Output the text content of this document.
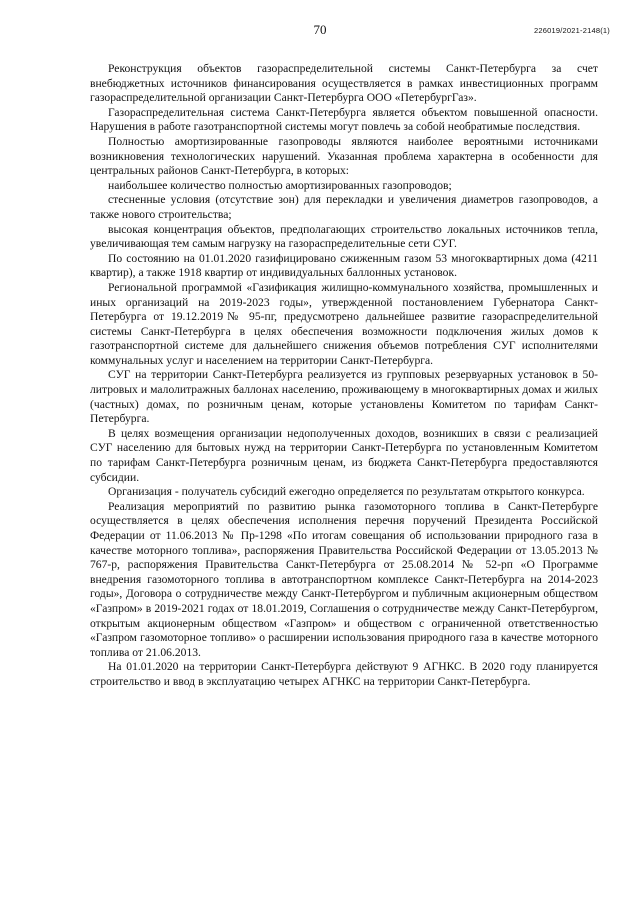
70	226019/2021-2148(1)

Реконструкция объектов газораспределительной системы Санкт-Петербурга за счет внебюджетных источников финансирования осуществляется в рамках инвестиционных программ газораспределительной организации Санкт-Петербурга ООО «ПетербургГаз».

Газораспределительная система Санкт-Петербурга является объектом повышенной опасности. Нарушения в работе газотранспортной системы могут повлечь за собой необратимые последствия.

Полностью амортизированные газопроводы являются наиболее вероятными источниками возникновения технологических нарушений. Указанная проблема характерна в особенности для центральных районов Санкт-Петербурга, в которых:

наибольшее количество полностью амортизированных газопроводов;

стесненные условия (отсутствие зон) для перекладки и увеличения диаметров газопроводов, а также нового строительства;

высокая концентрация объектов, предполагающих строительство локальных источников тепла, увеличивающая тем самым нагрузку на газораспределительные сети СУГ.

По состоянию на 01.01.2020 газифицировано сжиженным газом 53 многоквартирных дома (4211 квартир), а также 1918 квартир от индивидуальных баллонных установок.

Региональной программой «Газификация жилищно-коммунального хозяйства, промышленных и иных организаций на 2019-2023 годы», утвержденной постановлением Губернатора Санкт-Петербурга от 19.12.2019№ 95-пг, предусмотрено дальнейшее развитие газораспределительной системы Санкт-Петербурга в целях обеспечения возможности подключения жилых домов к газотранспортной системе для дальнейшего снижения объемов потребления СУГ исполнителями коммунальных услуг и населением на территории Санкт-Петербурга.

СУГ на территории Санкт-Петербурга реализуется из групповых резервуарных установок в 50-литровых и малолитражных баллонах населению, проживающему в многоквартирных домах и жилых (частных) домах, по розничным ценам, которые установлены Комитетом по тарифам Санкт-Петербурга.

В целях возмещения организации недополученных доходов, возникших в связи с реализацией СУГ населению для бытовых нужд на территории Санкт-Петербурга по установленным Комитетом по тарифам Санкт-Петербурга розничным ценам, из бюджета Санкт-Петербурга предоставляются субсидии.

Организация - получатель субсидий ежегодно определяется по результатам открытого конкурса.

Реализация мероприятий по развитию рынка газомоторного топлива в Санкт-Петербурге осуществляется в целях обеспечения исполнения перечня поручений Президента Российской Федерации от 11.06.2013 № Пр-1298 «По итогам совещания об использовании природного газа в качестве моторного топлива», распоряжения Правительства Российской Федерации от 13.05.2013 № 767-р, распоряжения Правительства Санкт-Петербурга от 25.08.2014 № 52-рп «О Программе внедрения газомоторного топлива в автотранспортном комплексе Санкт-Петербурга на 2014-2023 годы», Договора о сотрудничестве между Санкт-Петербургом и публичным акционерным обществом «Газпром» в 2019-2021 годах от 18.01.2019, Соглашения о сотрудничестве между Санкт-Петербургом, открытым акционерным обществом «Газпром» и обществом с ограниченной ответственностью «Газпром газомоторное топливо» о расширении использования природного газа в качестве моторного топлива от 21.06.2013.

На 01.01.2020 на территории Санкт-Петербурга действуют 9 АГНКС. В 2020 году планируется строительство и ввод в эксплуатацию четырех АГНКС на территории Санкт-Петербурга.
